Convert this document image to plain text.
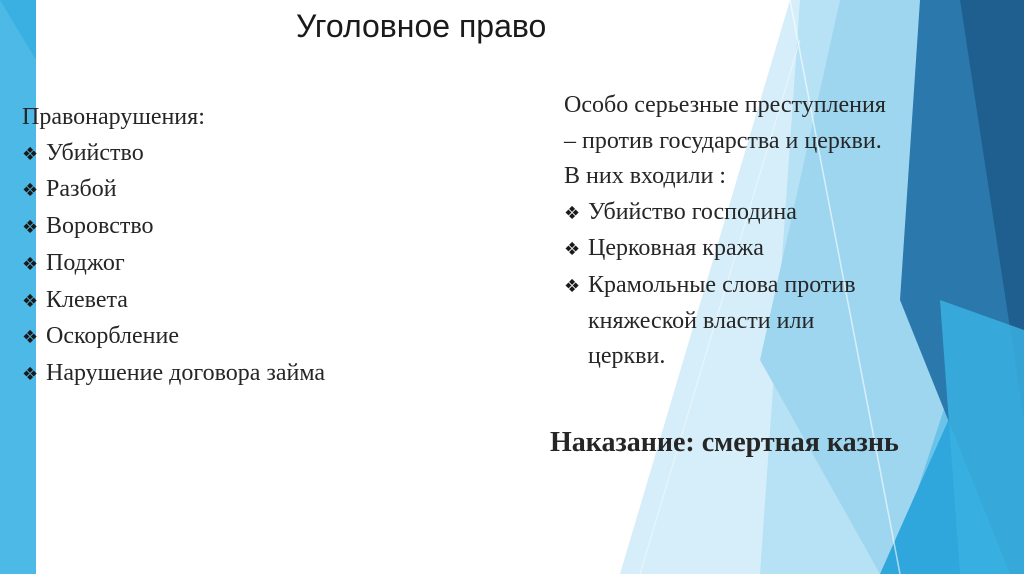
Уголовное право
Правонарушения:
❖ Убийство
❖ Разбой
❖ Воровство
❖ Поджог
❖ Клевета
❖ Оскорбление
❖ Нарушение договора займа
Особо серьезные преступления – против государства и церкви. В них входили :
❖ Убийство господина
❖ Церковная кража
❖ Крамольные слова против княжеской власти или церкви.

Наказание: смертная казнь
